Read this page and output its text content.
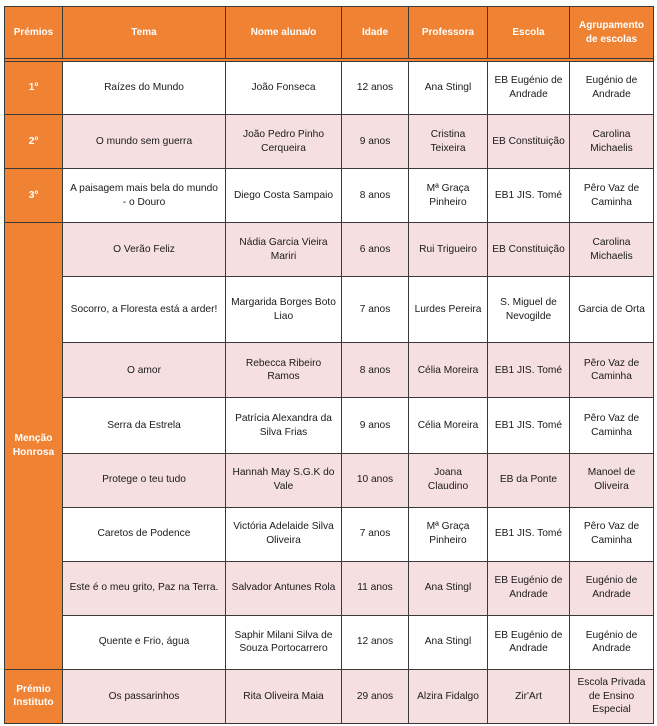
Prémios	Tema	Nome aluna/o	Idade	Professora	Escola	Agrupamento de escolas

1º	Raízes do Mundo	João Fonseca	12 anos	Ana Stingl	EB Eugénio de Andrade	Eugénio de Andrade
2º	O mundo sem guerra	João Pedro Pinho Cerqueira	9 anos	Cristina Teixeira	EB Constituição	Carolina Michaelis
3º	A paisagem mais bela do mundo - o Douro	Diego Costa Sampaio	8 anos	Mª Graça Pinheiro	EB1 JIS. Tomé	Pêro Vaz de Caminha
Menção Honrosa	O Verão Feliz	Nádia Garcia Vieira Mariri	6 anos	Rui Trigueiro	EB Constituição	Carolina Michaelis
	Socorro, a Floresta está a arder!	Margarida Borges Boto Liao	7 anos	Lurdes Pereira	S. Miguel de Nevogilde	Garcia de Orta
	O amor	Rebecca Ribeiro Ramos	8 anos	Célia Moreira	EB1 JIS. Tomé	Pêro Vaz de Caminha
	Serra da Estrela	Patrícia Alexandra da Silva Frias	9 anos	Célia Moreira	EB1 JIS. Tomé	Pêro Vaz de Caminha
	Protege o teu tudo	Hannah May S.G.K do Vale	10 anos	Joana Claudino	EB da Ponte	Manoel de Oliveira
	Caretos de Podence	Victória Adelaide Silva Oliveira	7 anos	Mª Graça Pinheiro	EB1 JIS. Tomé	Pêro Vaz de Caminha
	Este é o meu grito, Paz na Terra.	Salvador Antunes Rola	11 anos	Ana Stingl	EB Eugénio de Andrade	Eugénio de Andrade
	Quente e Frio, água	Saphir Milani Silva de Souza Portocarrero	12 anos	Ana Stingl	EB Eugénio de Andrade	Eugénio de Andrade
Prémio Instituto	Os passarinhos	Rita Oliveira Maia	29 anos	Alzira Fidalgo	Zir'Art	Escola Privada de Ensino Especial
